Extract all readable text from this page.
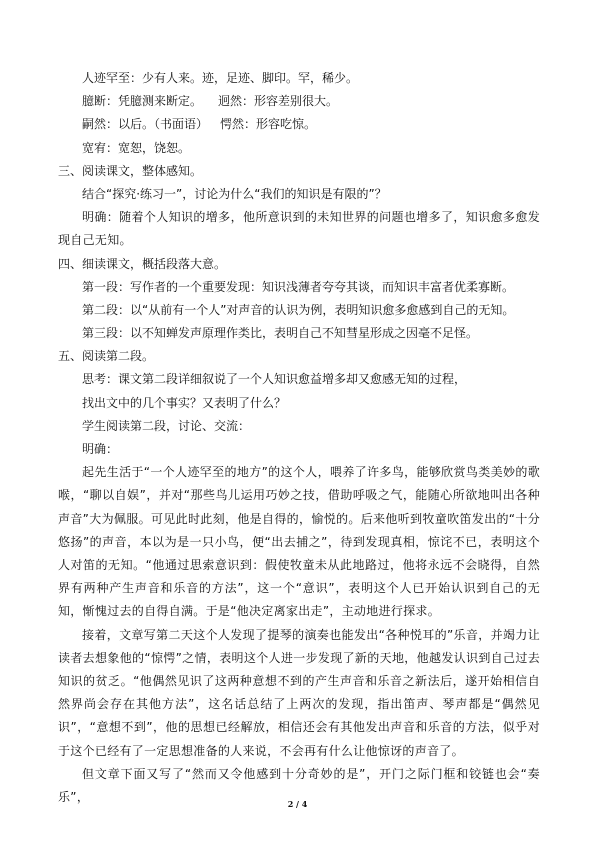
人迹罕至：少有人来。迹，足迹、脚印。罕，稀少。
臆断：凭臆测来断定。 迥然：形容差别很大。
嗣然：以后。（书面语） 愕然：形容吃惊。
宽宥：宽恕，饶恕。
三、阅读课文，整体感知。
结合“探究·练习一”，讨论为什么“我们的知识是有限的”？
明确：随着个人知识的增多，他所意识到的未知世界的问题也增多了，知识愈多愈发现自己无知。
四、细读课文，概括段落大意。
第一段：写作者的一个重要发现：知识浅薄者夸夸其谈，而知识丰富者优柔寡断。
第二段：以“从前有一个人”对声音的认识为例，表明知识愈多愈感到自己的无知。
第三段：以不知蝉发声原理作类比，表明自己不知彗星形成之因毫不足怪。
五、阅读第二段。
思考：课文第二段详细叙说了一个人知识愈益增多却又愈感无知的过程，
找出文中的几个事实？又表明了什么？
学生阅读第二段，讨论、交流：
明确：
起先生活于“一个人迹罕至的地方”的这个人，喂养了许多鸟，能够欣赏鸟类美妙的歌喉，“聊以自娱”，并对“那些鸟儿运用巧妙之技，借助呼吸之气，能随心所欲地叫出各种声音”大为佩服。可见此时此刻，他是自得的，愉悦的。后来他听到牧童吹笛发出的“十分悠扬”的声音，本以为是一只小鸟，便“出去捕之”，待到发现真相，惊诧不已，表明这个人对笛的无知。“他通过思索意识到：假使牧童未从此地路过，他将永远不会晓得，自然界有两种产生声音和乐音的方法”，这一个“意识”，表明这个人已开始认识到自己的无知，惭愧过去的自得自满。于是“他决定离家出走”，主动地进行探求。
接着，文章写第二天这个人发现了提琴的演奏也能发出“各种悦耳的”乐音，并竭力让读者去想象他的“惊愕”之情，表明这个人进一步发现了新的天地，他越发认识到自己过去知识的贫乏。“他偶然见识了这两种意想不到的产生声音和乐音之新法后，遂开始相信自然界尚会存在其他方法”，这名话总结了上两次的发现，指出笛声、琴声都是“偶然见识”，“意想不到”，他的思想已经解放，相信还会有其他发出声音和乐音的方法，似乎对于这个已经有了一定思想准备的人来说，不会再有什么让他惊讶的声音了。
但文章下面又写了“然而又令他感到十分奇妙的是”，开门之际门框和铰链也会“奏乐”，	2 / 4
